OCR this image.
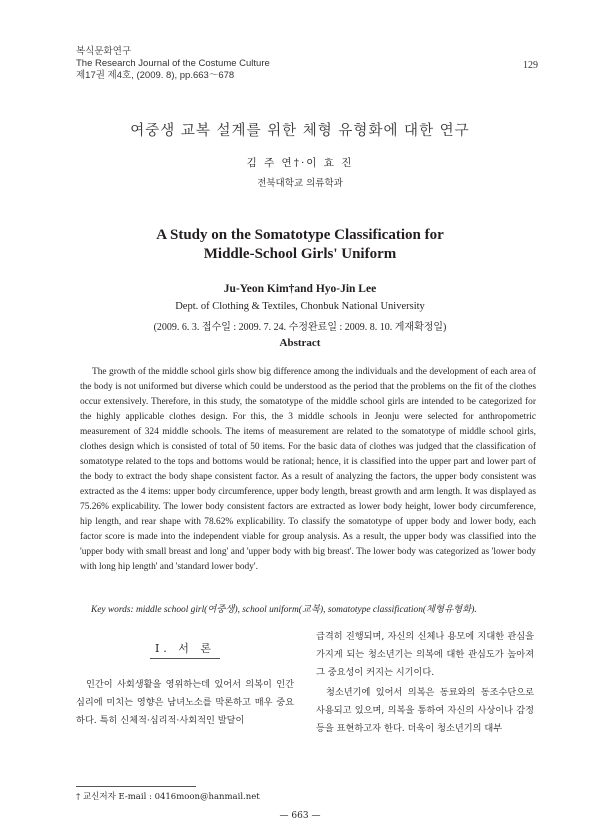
복식문화연구
The Research Journal of the Costume Culture
제17권 제4호, (2009. 8), pp.663～678
129
여중생 교복 설계를 위한 체형 유형화에 대한 연구
김 주 연†·이 효 진
전북대학교 의류학과
A Study on the Somatotype Classification for
Middle-School Girls' Uniform
Ju-Yeon Kim†and Hyo-Jin Lee
Dept. of Clothing & Textiles, Chonbuk National University
(2009. 6. 3. 접수일 : 2009. 7. 24. 수정완료일 : 2009. 8. 10. 게재확정일)
Abstract

The growth of the middle school girls show big difference among the individuals and the development of each area of the body is not uniformed but diverse which could be understood as the period that the problems on the fit of the clothes occur extensively. Therefore, in this study, the somatotype of the middle school girls are intended to be categorized for the highly applicable clothes design. For this, the 3 middle schools in Jeonju were selected for anthropometric measurement of 324 middle schools. The items of measurement are related to the somatotype of middle school girls, clothes design which is consisted of total of 50 items. For the basic data of clothes was judged that the classification of somatotype related to the tops and bottoms would be rational; hence, it is classified into the upper part and lower part of the body to extract the body shape consistent factor. As a result of analyzing the factors, the upper body consistent was extracted as the 4 items: upper body circumference, upper body length, breast growth and arm length. It was displayed as 75.26% explicability. The lower body consistent factors are extracted as lower body height, lower body circumference, hip length, and rear shape with 78.62% explicability. To classify the somatotype of upper body and lower body, each factor score is made into the independent viable for group analysis. As a result, the upper body was classified into the 'upper body with small breast and long' and 'upper body with big breast'. The lower body was categorized as 'lower body with long hip length' and 'standard lower body'.

Key words: middle school girl(여중생), school uniform(교복), somatotype classification(체형유형화).
Ⅰ. 서 론

인간이 사회생활을 영위하는데 있어서 의복이 인간 심리에 미치는 영향은 남녀노소를 막론하고 매우 중요하다. 특히 신체적·심리적·사회적인 발달이

급격히 진행되며, 자신의 신체나 용모에 지대한 관심을 가지게 되는 청소년기는 의복에 대한 관심도가 높아져 그 중요성이 커지는 시기이다.

청소년기에 있어서 의복은 동료와의 동조수단으로 사용되고 있으며, 의복을 통하여 자신의 사상이나 감정 등을 표현하고자 한다. 더욱이 청소년기의 대부

† 교신저자 E-mail : 0416moon@hanmail.net
— 663 —
